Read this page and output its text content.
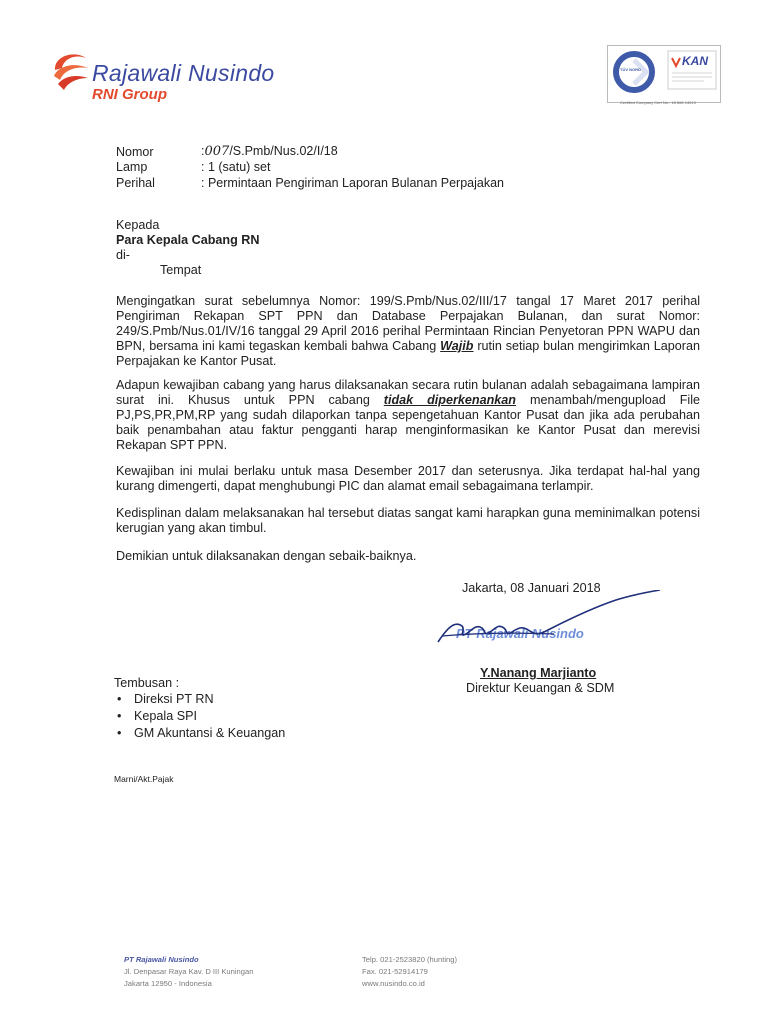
Rajawali Nusindo
RNI Group
TÜV NORD
KAN
Certified Company Cert No.: 18 666 14013
Nomor	:007/S.Pmb/Nus.02/I/18
Lamp	: 1 (satu) set
Perihal	: Permintaan Pengiriman Laporan Bulanan Perpajakan
Kepada
Para Kepala Cabang RN
di-
Tempat
Mengingatkan surat sebelumnya Nomor: 199/S.Pmb/Nus.02/III/17 tangal 17 Maret 2017 perihal Pengiriman Rekapan SPT PPN dan Database Perpajakan Bulanan, dan surat Nomor: 249/S.Pmb/Nus.01/IV/16 tanggal 29 April 2016 perihal Permintaan Rincian Penyetoran PPN WAPU dan BPN, bersama ini kami tegaskan kembali bahwa Cabang Wajib rutin setiap bulan mengirimkan Laporan Perpajakan ke Kantor Pusat.
Adapun kewajiban cabang yang harus dilaksanakan secara rutin bulanan adalah sebagaimana lampiran surat ini. Khusus untuk PPN cabang tidak diperkenankan menambah/mengupload File PJ,PS,PR,PM,RP yang sudah dilaporkan tanpa sepengetahuan Kantor Pusat dan jika ada perubahan baik penambahan atau faktur pengganti harap menginformasikan ke Kantor Pusat dan merevisi Rekapan SPT PPN.
Kewajiban ini mulai berlaku untuk masa Desember 2017 dan seterusnya. Jika terdapat hal-hal yang kurang dimengerti, dapat menghubungi PIC dan alamat email sebagaimana terlampir.
Kedisplinan dalam melaksanakan hal tersebut diatas sangat kami harapkan guna meminimalkan potensi kerugian yang akan timbul.
Demikian untuk dilaksanakan dengan sebaik-baiknya.
Jakarta, 08 Januari 2018
PT Rajawali Nusindo
Y.Nanang Marjianto
Direktur Keuangan & SDM
Tembusan :
• Direksi PT RN
• Kepala SPI
• GM Akuntansi & Keuangan
Marni/Akt.Pajak
PT Rajawali Nusindo
Jl. Denpasar Raya Kav. D III Kuningan
Jakarta 12950 - Indonesia
Telp. 021-2523820 (hunting)
Fax. 021-52914179
www.nusindo.co.id
